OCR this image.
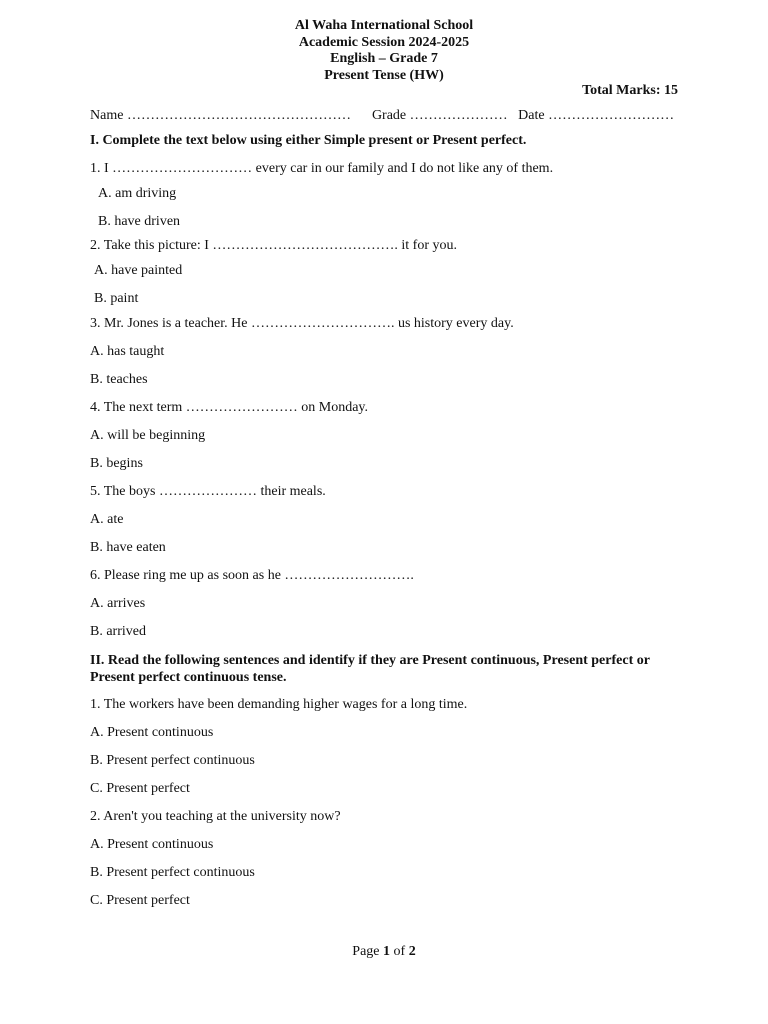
Al Waha International School
Academic Session 2024-2025
English – Grade 7
Present Tense (HW)
Total Marks: 15
Name ………………………………………… Grade ………………… Date ………………………
I. Complete the text below using either Simple present or Present perfect.
1. I ………………………… every car in our family and I do not like any of them.
A. am driving
B. have driven
2. Take this picture: I …………………………………. it for you.
A. have painted
B. paint
3. Mr. Jones is a teacher. He …………………………. us history every day.
A. has taught
B. teaches
4. The next term …………………… on Monday.
A. will be beginning
B. begins
5. The boys ………………… their meals.
A. ate
B. have eaten
6. Please ring me up as soon as he ……………………….
A. arrives
B. arrived
II. Read the following sentences and identify if they are Present continuous, Present perfect or Present perfect continuous tense.
1. The workers have been demanding higher wages for a long time.
A. Present continuous
B. Present perfect continuous
C. Present perfect
2. Aren't you teaching at the university now?
A. Present continuous
B. Present perfect continuous
C. Present perfect
Page 1 of 2
